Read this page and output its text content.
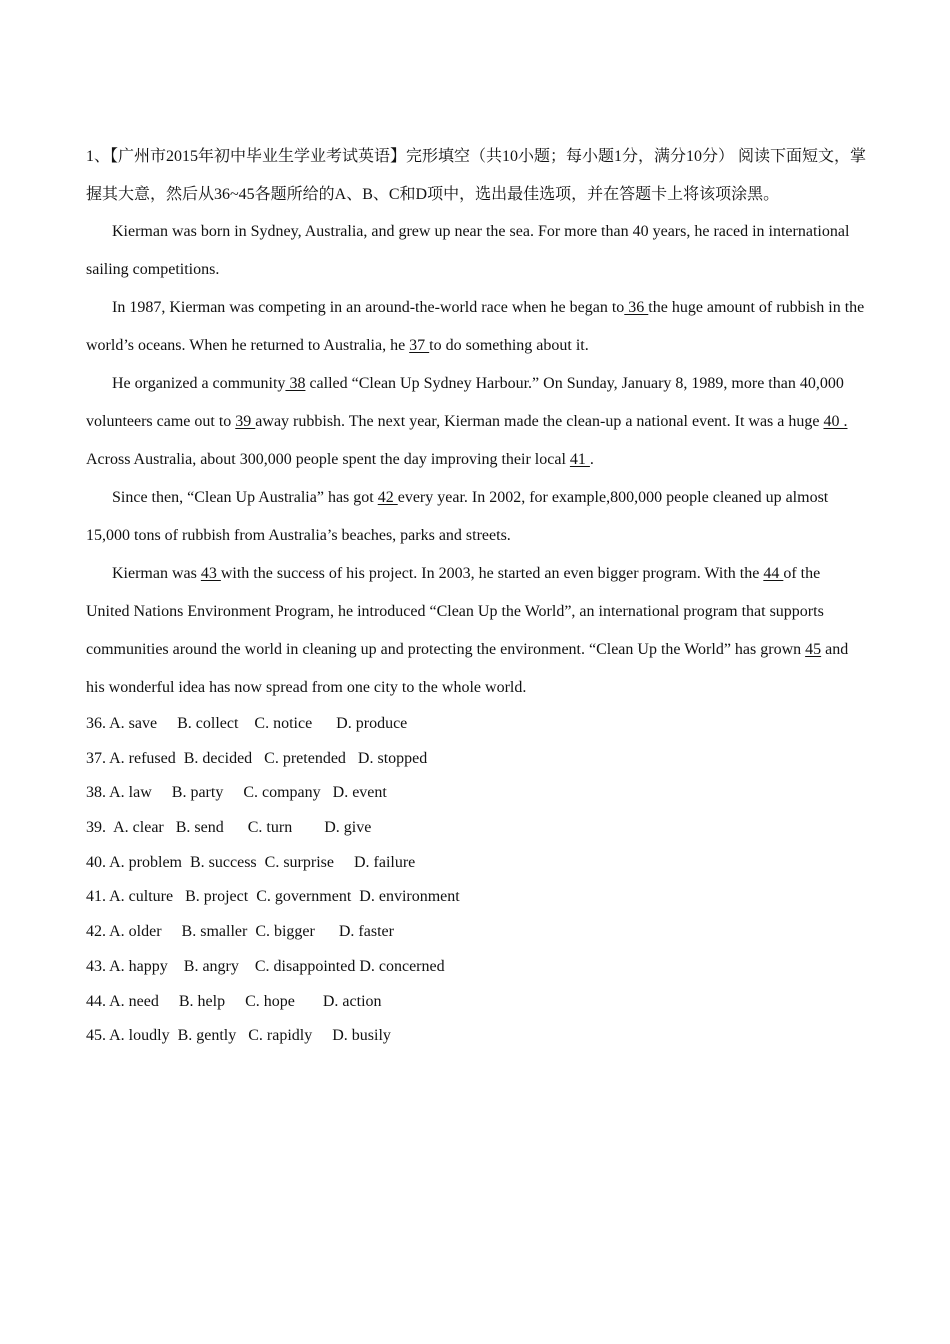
1、【广州市2015年初中毕业生学业考试英语】完形填空（共10小题；每小题1分，满分10分） 阅读下面短文，掌握其大意，然后从36~45各题所给的A、B、C和D项中，选出最佳选项，并在答题卡上将该项涂黑。

Kierman was born in Sydney, Australia, and grew up near the sea. For more than 40 years, he raced in international sailing competitions.

In 1987, Kierman was competing in an around-the-world race when he began to 36 the huge amount of rubbish in the world’s oceans. When he returned to Australia, he 37 to do something about it.

He organized a community 38 called “Clean Up Sydney Harbour.” On Sunday, January 8, 1989, more than 40,000 volunteers came out to 39 away rubbish. The next year, Kierman made the clean-up a national event. It was a huge 40 . Across Australia, about 300,000 people spent the day improving their local 41 .

Since then, “Clean Up Australia” has got 42 every year. In 2002, for example,800,000 people cleaned up almost 15,000 tons of rubbish from Australia’s beaches, parks and streets.

Kierman was 43 with the success of his project. In 2003, he started an even bigger program. With the 44 of the United Nations Environment Program, he introduced “Clean Up the World”, an international program that supports communities around the world in cleaning up and protecting the environment. “Clean Up the World” has grown 45 and his wonderful idea has now spread from one city to the whole world.

36. A. save     B. collect    C. notice      D. produce
37. A. refused  B. decided   C. pretended   D. stopped
38. A. law     B. party     C. company   D. event
39.  A. clear   B. send      C. turn        D. give
40. A. problem  B. success  C. surprise     D. failure
41. A. culture   B. project  C. government  D. environment
42. A. older     B. smaller  C. bigger      D. faster
43. A. happy    B. angry    C. disappointed D. concerned
44. A. need     B. help     C. hope       D. action
45. A. loudly  B. gently   C. rapidly     D. busily
